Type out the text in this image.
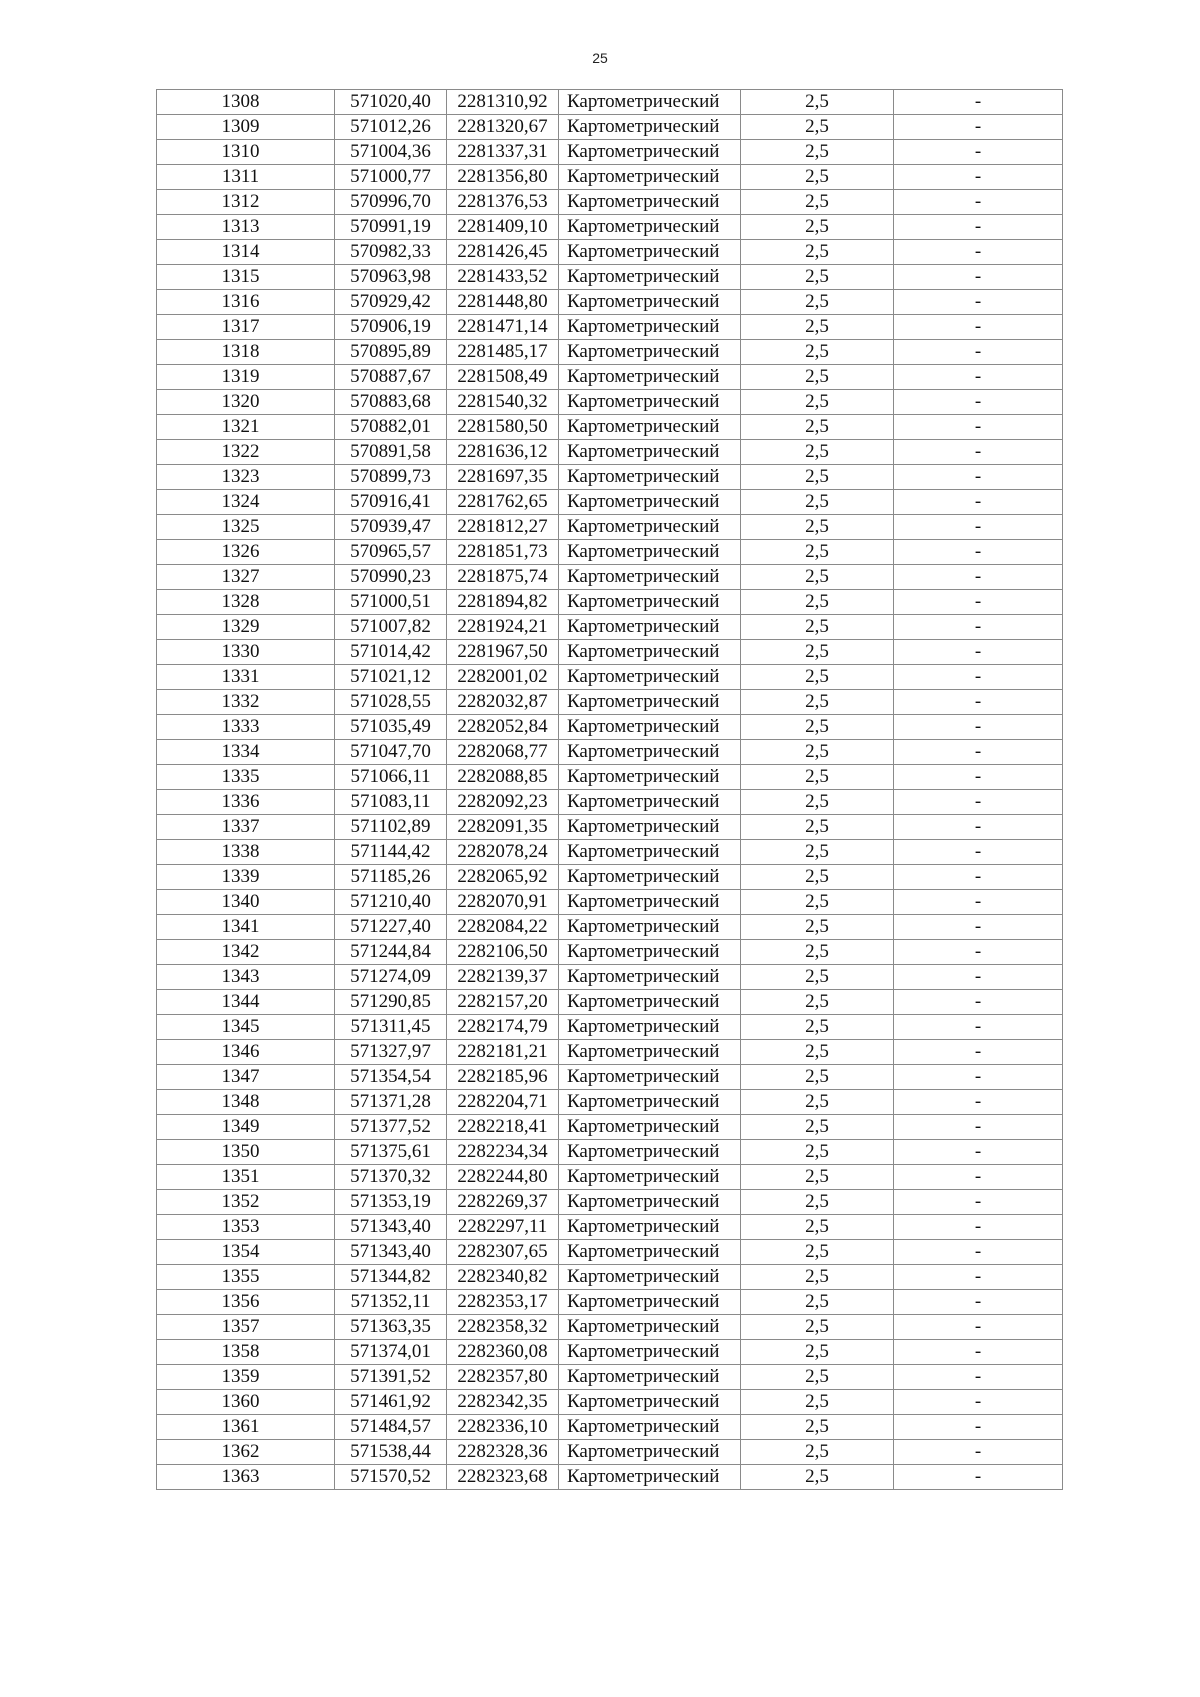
25
1308	571020,40	2281310,92	Картометрический	2,5	-
1309	571012,26	2281320,67	Картометрический	2,5	-
1310	571004,36	2281337,31	Картометрический	2,5	-
1311	571000,77	2281356,80	Картометрический	2,5	-
1312	570996,70	2281376,53	Картометрический	2,5	-
1313	570991,19	2281409,10	Картометрический	2,5	-
1314	570982,33	2281426,45	Картометрический	2,5	-
1315	570963,98	2281433,52	Картометрический	2,5	-
1316	570929,42	2281448,80	Картометрический	2,5	-
1317	570906,19	2281471,14	Картометрический	2,5	-
1318	570895,89	2281485,17	Картометрический	2,5	-
1319	570887,67	2281508,49	Картометрический	2,5	-
1320	570883,68	2281540,32	Картометрический	2,5	-
1321	570882,01	2281580,50	Картометрический	2,5	-
1322	570891,58	2281636,12	Картометрический	2,5	-
1323	570899,73	2281697,35	Картометрический	2,5	-
1324	570916,41	2281762,65	Картометрический	2,5	-
1325	570939,47	2281812,27	Картометрический	2,5	-
1326	570965,57	2281851,73	Картометрический	2,5	-
1327	570990,23	2281875,74	Картометрический	2,5	-
1328	571000,51	2281894,82	Картометрический	2,5	-
1329	571007,82	2281924,21	Картометрический	2,5	-
1330	571014,42	2281967,50	Картометрический	2,5	-
1331	571021,12	2282001,02	Картометрический	2,5	-
1332	571028,55	2282032,87	Картометрический	2,5	-
1333	571035,49	2282052,84	Картометрический	2,5	-
1334	571047,70	2282068,77	Картометрический	2,5	-
1335	571066,11	2282088,85	Картометрический	2,5	-
1336	571083,11	2282092,23	Картометрический	2,5	-
1337	571102,89	2282091,35	Картометрический	2,5	-
1338	571144,42	2282078,24	Картометрический	2,5	-
1339	571185,26	2282065,92	Картометрический	2,5	-
1340	571210,40	2282070,91	Картометрический	2,5	-
1341	571227,40	2282084,22	Картометрический	2,5	-
1342	571244,84	2282106,50	Картометрический	2,5	-
1343	571274,09	2282139,37	Картометрический	2,5	-
1344	571290,85	2282157,20	Картометрический	2,5	-
1345	571311,45	2282174,79	Картометрический	2,5	-
1346	571327,97	2282181,21	Картометрический	2,5	-
1347	571354,54	2282185,96	Картометрический	2,5	-
1348	571371,28	2282204,71	Картометрический	2,5	-
1349	571377,52	2282218,41	Картометрический	2,5	-
1350	571375,61	2282234,34	Картометрический	2,5	-
1351	571370,32	2282244,80	Картометрический	2,5	-
1352	571353,19	2282269,37	Картометрический	2,5	-
1353	571343,40	2282297,11	Картометрический	2,5	-
1354	571343,40	2282307,65	Картометрический	2,5	-
1355	571344,82	2282340,82	Картометрический	2,5	-
1356	571352,11	2282353,17	Картометрический	2,5	-
1357	571363,35	2282358,32	Картометрический	2,5	-
1358	571374,01	2282360,08	Картометрический	2,5	-
1359	571391,52	2282357,80	Картометрический	2,5	-
1360	571461,92	2282342,35	Картометрический	2,5	-
1361	571484,57	2282336,10	Картометрический	2,5	-
1362	571538,44	2282328,36	Картометрический	2,5	-
1363	571570,52	2282323,68	Картометрический	2,5	-
